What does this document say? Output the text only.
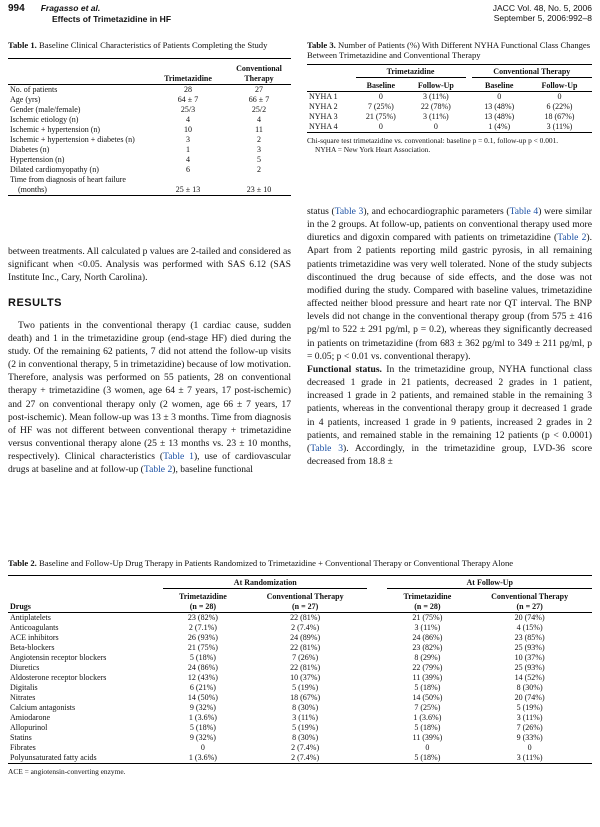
994 Fragasso et al.
Effects of Trimetazidine in HF
JACC Vol. 48, No. 5, 2006
September 5, 2006:992–8
Table 1. Baseline Clinical Characteristics of Patients Completing the Study
	Trimetazidine	Conventional Therapy
No. of patients	28	27
Age (yrs)	64 ± 7	66 ± 7
Gender (male/female)	25/3	25/2
Ischemic etiology (n)	4	4
Ischemic + hypertension (n)	10	11
Ischemic + hypertension + diabetes (n)	3	2
Diabetes (n)	1	3
Hypertension (n)	4	5
Dilated cardiomyopathy (n)	6	2
Time from diagnosis of heart failure
(months)	25 ± 13	23 ± 10
Table 3. Number of Patients (%) With Different NYHA Functional Class Changes Between Trimetazidine and Conventional Therapy
	Trimetazidine			Conventional Therapy	
	Baseline	Follow-Up		Baseline	Follow-Up
NYHA 1	0	3 (11%)		0	0
NYHA 2	7 (25%)	22 (78%)		13 (48%)	6 (22%)
NYHA 3	21 (75%)	3 (11%)		13 (48%)	18 (67%)
NYHA 4	0	0		1 (4%)	3 (11%)
Chi-square test trimetazidine vs. conventional: baseline p = 0.1, follow-up p < 0.001.
NYHA = New York Heart Association.

between treatments. All calculated p values are 2-tailed and considered as significant when <0.05. Analysis was performed with SAS 6.12 (SAS Institute Inc., Cary, North Carolina).

RESULTS

Two patients in the conventional therapy (1 cardiac cause, sudden death) and 1 in the trimetazidine group (end-stage HF) died during the study. Of the remaining 62 patients, 7 did not attend the follow-up visits (2 in conventional therapy, 5 in trimetazidine) because of low motivation. Therefore, analysis was performed on 55 patients, 28 on conventional therapy + trimetazidine (3 women, age 64 ± 7 years, 17 post-ischemic) and 27 on conventional therapy only (2 women, age 66 ± 7 years, 17 post-ischemic). Mean follow-up was 13 ± 3 months. Time from diagnosis of HF was not different between conventional therapy + trimetazidine versus conventional therapy alone (25 ± 13 months vs. 23 ± 10 months, respectively). Clinical characteristics (Table 1), use of cardiovascular drugs at baseline and at follow-up (Table 2), baseline functional

status (Table 3), and echocardiographic parameters (Table 4) were similar in the 2 groups. At follow-up, patients on conventional therapy used more diuretics and digoxin compared with patients on trimetazidine (Table 2). Apart from 2 patients reporting mild gastric pyrosis, in all remaining patients trimetazidine was very well tolerated. None of the study subjects discontinued the drug because of side effects, and the dose was not modified during the study. Compared with baseline values, trimetazidine affected neither blood pressure and heart rate nor QT interval. The BNP levels did not change in the conventional therapy group (from 575 ± 416 pg/ml to 522 ± 291 pg/ml, p = 0.2), whereas they significantly decreased in patients on trimetazidine (from 683 ± 362 pg/ml to 349 ± 211 pg/ml, p = 0.05; p < 0.01 vs. conventional therapy).

Functional status. In the trimetazidine group, NYHA functional class decreased 1 grade in 21 patients, decreased 2 grades in 1 patient, increased 1 grade in 2 patients, and remained stable in the remaining 3 patients, whereas in the conventional therapy group it decreased 1 grade in 4 patients, increased 1 grade in 9 patients, increased 2 grades in 2 patients, and remained stable in the remaining 12 patients (p < 0.0001) (Table 3). Accordingly, in the trimetazidine group, LVD-36 score decreased from 18.8 ±

Table 2. Baseline and Follow-Up Drug Therapy in Patients Randomized to Trimetazidine + Conventional Therapy or Conventional Therapy Alone
	At Randomization			At Follow-Up	
Drugs	Trimetazidine
(n = 28)	Conventional Therapy
(n = 27)		Trimetazidine
(n = 28)	Conventional Therapy
(n = 27)
Antiplatelets	23 (82%)	22 (81%)		21 (75%)	20 (74%)
Anticoagulants	2 (7.1%)	2 (7.4%)		3 (11%)	4 (15%)
ACE inhibitors	26 (93%)	24 (89%)		24 (86%)	23 (85%)
Beta-blockers	21 (75%)	22 (81%)		23 (82%)	25 (93%)
Angiotensin receptor blockers	5 (18%)	7 (26%)		8 (29%)	10 (37%)
Diuretics	24 (86%)	22 (81%)		22 (79%)	25 (93%)
Aldosterone receptor blockers	12 (43%)	10 (37%)		11 (39%)	14 (52%)
Digitalis	6 (21%)	5 (19%)		5 (18%)	8 (30%)
Nitrates	14 (50%)	18 (67%)		14 (50%)	20 (74%)
Calcium antagonists	9 (32%)	8 (30%)		7 (25%)	5 (19%)
Amiodarone	1 (3.6%)	3 (11%)		1 (3.6%)	3 (11%)
Allopurinol	5 (18%)	5 (19%)		5 (18%)	7 (26%)
Statins	9 (32%)	8 (30%)		11 (39%)	9 (33%)
Fibrates	0	2 (7.4%)		0	0
Polyunsaturated fatty acids	1 (3.6%)	2 (7.4%)		5 (18%)	3 (11%)
ACE = angiotensin-converting enzyme.
